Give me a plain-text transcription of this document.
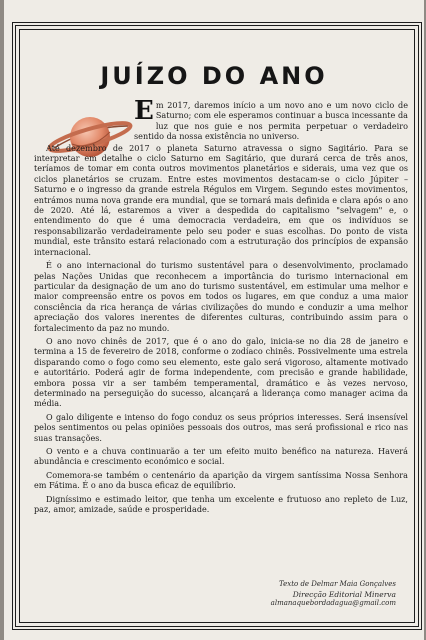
JUÍZO DO ANO

Em 2017, daremos início a um novo ano e um novo ciclo de Saturno; com ele esperamos continuar a busca incessante da luz que nos guie e nos permita perpetuar o verdadeiro sentido da nossa existência no universo.

Até dezembro de 2017 o planeta Saturno atravessa o signo Sagitário. Para se interpretar em detalhe o ciclo Saturno em Sagitário, que durará cerca de três anos, teríamos de tomar em conta outros movimentos planetários e siderais, uma vez que os ciclos planetários se cruzam. Entre estes movimentos destacam-se o ciclo Júpiter – Saturno e o ingresso da grande estrela Régulos em Virgem. Segundo estes movimentos, entrámos numa nova grande era mundial, que se tornará mais definida e clara após o ano de 2020. Até lá, estaremos a viver a despedida do capitalismo "selvagem" e, o entendimento do que é uma democracia verdadeira, em que os indivíduos se responsabilizarão verdadeiramente pelo seu poder e suas escolhas. Do ponto de vista mundial, este trânsito estará relacionado com a estruturação dos princípios de expansão internacional.

É o ano internacional do turismo sustentável para o desenvolvimento, proclamado pelas Nações Unidas que reconhecem a importância do turismo internacional em particular da designação de um ano do turismo sustentável, em estimular uma melhor e maior compreensão entre os povos em todos os lugares, em que conduz a uma maior consciência da rica herança de várias civilizações do mundo e conduzir a uma melhor apreciação dos valores inerentes de diferentes culturas, contribuindo assim para o fortalecimento da paz no mundo.

O ano novo chinês de 2017, que é o ano do galo, inicia-se no dia 28 de janeiro e termina a 15 de fevereiro de 2018, conforme o zodíaco chinês. Possivelmente uma estrela disparando como o fogo como seu elemento, este galo será vigoroso, altamente motivado e autoritário. Poderá agir de forma independente, com precisão e grande habilidade, embora possa vir a ser também temperamental, dramático e às vezes nervoso, determinado na perseguição do sucesso, alcançará a liderança como manager acima da média.

O galo diligente e intenso do fogo conduz os seus próprios interesses. Será insensível pelos sentimentos ou pelas opiniões pessoais dos outros, mas será profissional e rico nas suas transações.

O vento e a chuva continuarão a ter um efeito muito benéfico na natureza. Haverá abundância e crescimento económico e social.

Comemora-se também o centenário da aparição da virgem santíssima Nossa Senhora em Fátima. É o ano da busca eficaz de equilíbrio.

Digníssimo e estimado leitor, que tenha um excelente e frutuoso ano repleto de Luz, paz, amor, amizade, saúde e prosperidade.

Texto de Delmar Maia Gonçalves
Direcção Editorial Minerva
almanaquebordadagua@gmail.com
